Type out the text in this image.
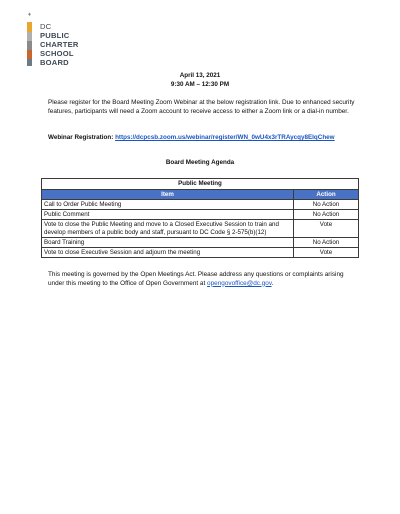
♦
DC
PUBLIC
CHARTER
SCHOOL
BOARD
April 13, 2021
9:30 AM – 12:30 PM
Please register for the Board Meeting Zoom Webinar at the below registration link. Due to enhanced security features, participants will need a Zoom account to receive access to either a Zoom link or a dial-in number.
Webinar Registration: https://dcpcsb.zoom.us/webinar/register/WN_0wU4x3rTRAycqy8EIqChew
Board Meeting Agenda
Public Meeting	
Item	Action
Call to Order Public Meeting	No Action
Public Comment	No Action
Vote to close the Public Meeting and move to a Closed Executive Session to train and develop members of a public body and staff, pursuant to DC Code § 2-575(b)(12)	Vote
Board Training	No Action
Vote to close Executive Session and adjourn the meeting	Vote
This meeting is governed by the Open Meetings Act. Please address any questions or complaints arising under this meeting to the Office of Open Government at opengovoffice@dc.gov.
